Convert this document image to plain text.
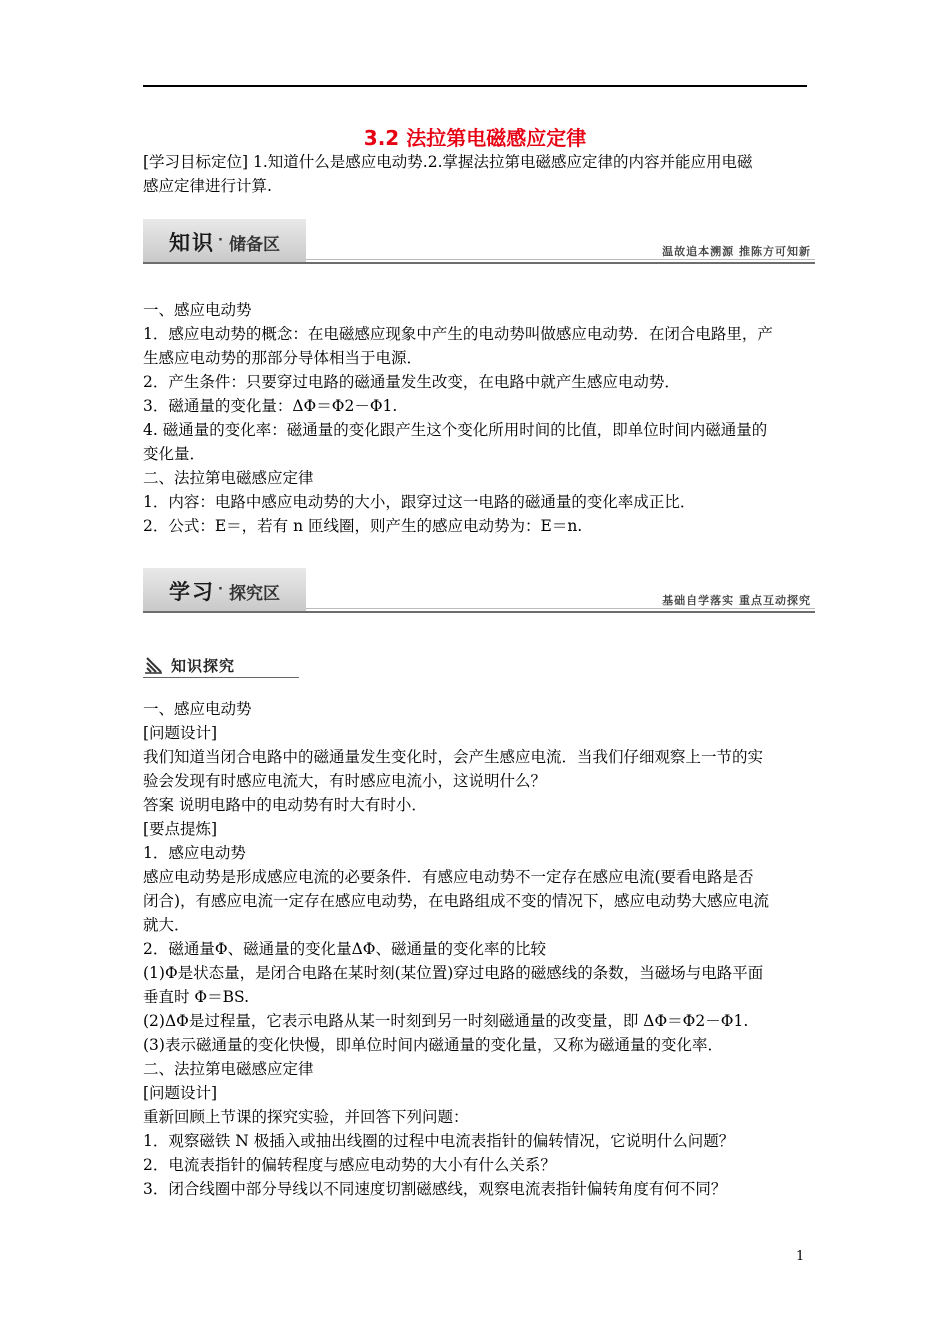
3.2 法拉第电磁感应定律
[学习目标定位] 1.知道什么是感应电动势.2.掌握法拉第电磁感应定律的内容并能应用电磁
感应定律进行计算.
知识 · 储备区	温故追本溯源 推陈方可知新
一、感应电动势
1．感应电动势的概念：在电磁感应现象中产生的电动势叫做感应电动势．在闭合电路里，产
生感应电动势的那部分导体相当于电源．
2．产生条件：只要穿过电路的磁通量发生改变，在电路中就产生感应电动势．
3．磁通量的变化量：ΔΦ＝Φ2－Φ1.
4. 磁通量的变化率：磁通量的变化跟产生这个变化所用时间的比值，即单位时间内磁通量的
变化量．
二、法拉第电磁感应定律
1．内容：电路中感应电动势的大小，跟穿过这一电路的磁通量的变化率成正比．
2．公式：E＝，若有 n 匝线圈，则产生的感应电动势为：E＝n.
学习 · 探究区	基础自学落实 重点互动探究
知识探究
一、感应电动势
[问题设计]
我们知道当闭合电路中的磁通量发生变化时，会产生感应电流．当我们仔细观察上一节的实
验会发现有时感应电流大，有时感应电流小，这说明什么？
答案 说明电路中的电动势有时大有时小．
[要点提炼]
1．感应电动势
感应电动势是形成感应电流的必要条件．有感应电动势不一定存在感应电流(要看电路是否
闭合)，有感应电流一定存在感应电动势，在电路组成不变的情况下，感应电动势大感应电流
就大．
2．磁通量Φ、磁通量的变化量ΔΦ、磁通量的变化率的比较
(1)Φ是状态量，是闭合电路在某时刻(某位置)穿过电路的磁感线的条数，当磁场与电路平面
垂直时 Φ＝BS.
(2)ΔΦ是过程量，它表示电路从某一时刻到另一时刻磁通量的改变量，即 ΔΦ＝Φ2－Φ1.
(3)表示磁通量的变化快慢，即单位时间内磁通量的变化量，又称为磁通量的变化率．
二、法拉第电磁感应定律
[问题设计]
重新回顾上节课的探究实验，并回答下列问题：
1．观察磁铁 N 极插入或抽出线圈的过程中电流表指针的偏转情况，它说明什么问题？
2．电流表指针的偏转程度与感应电动势的大小有什么关系？
3．闭合线圈中部分导线以不同速度切割磁感线，观察电流表指针偏转角度有何不同？
1
